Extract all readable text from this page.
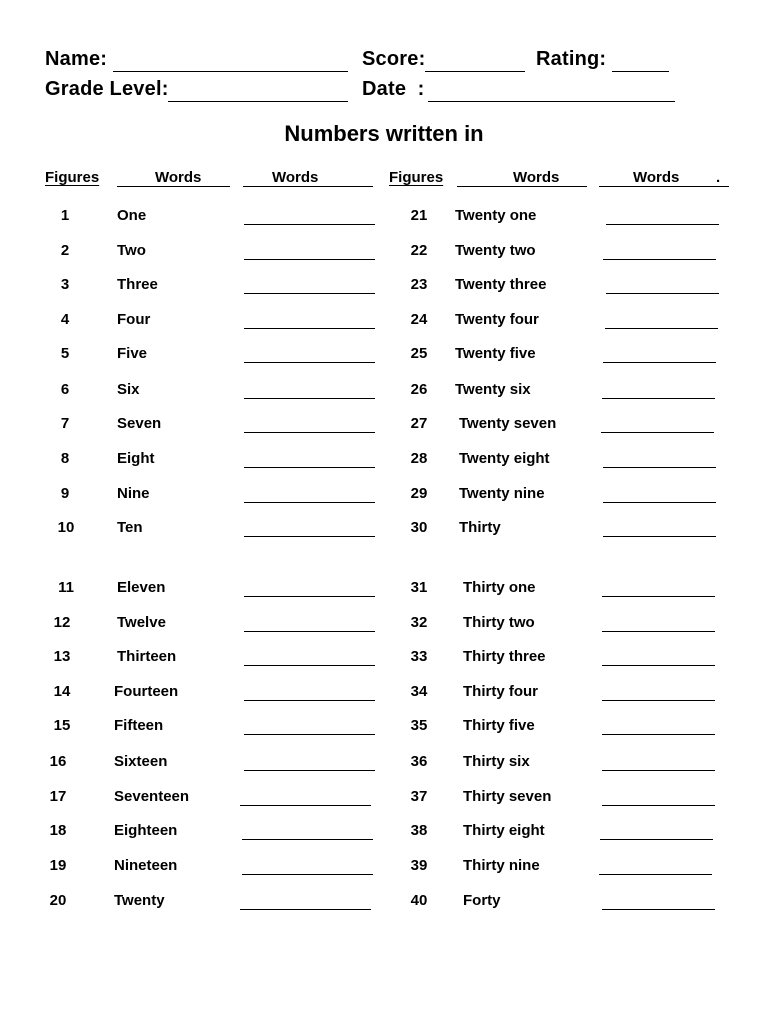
Name:	Score:	Rating:
Grade Level:	Date  :
Numbers written in
Figures	Words	Words	Figures	Words	Words .
1	One	21	Twenty one
2	Two	22	Twenty two
3	Three	23	Twenty three
4	Four	24	Twenty four
5	Five	25	Twenty five
6	Six	26	Twenty six
7	Seven	27	Twenty seven
8	Eight	28	Twenty eight
9	Nine	29	Twenty nine
10	Ten	30	Thirty
11	Eleven	31	Thirty one
12	Twelve	32	Thirty two
13	Thirteen	33	Thirty three
14	Fourteen	34	Thirty four
15	Fifteen	35	Thirty five
16	Sixteen	36	Thirty six
17	Seventeen	37	Thirty seven
18	Eighteen	38	Thirty eight
19	Nineteen	39	Thirty nine
20	Twenty	40	Forty
